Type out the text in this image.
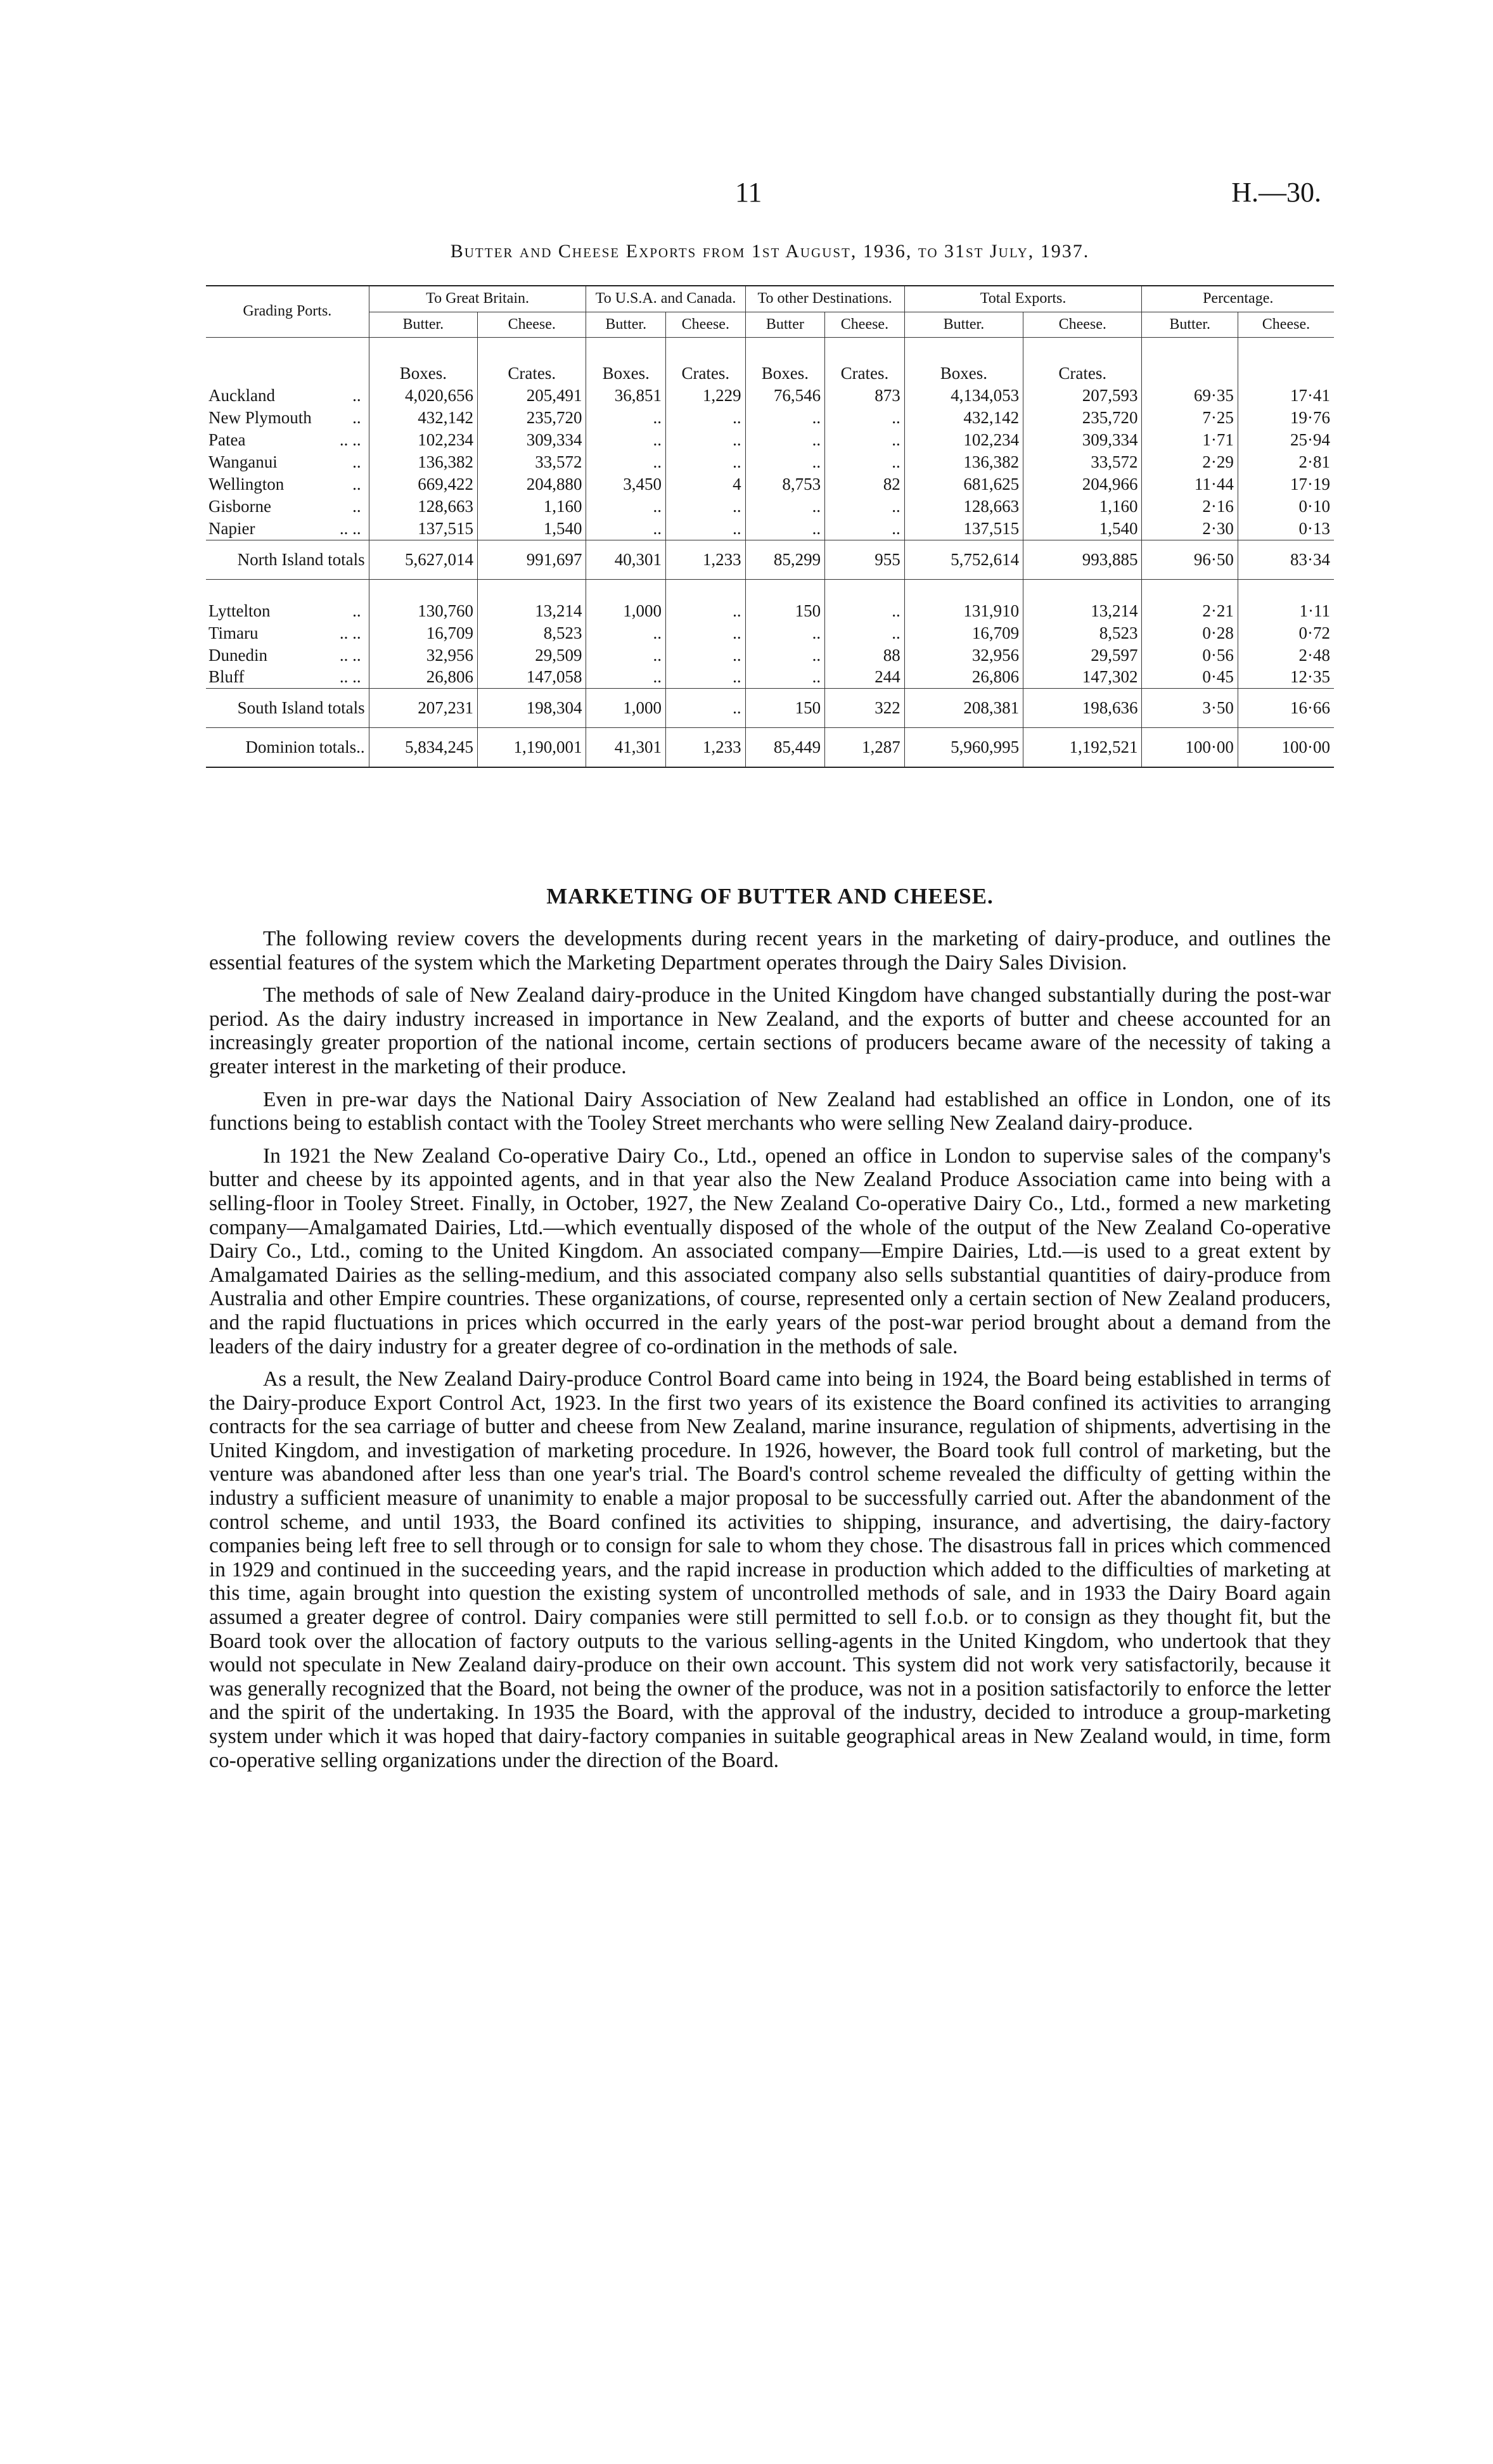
11	H.—30.
Butter and Cheese Exports from 1st August, 1936, to 31st July, 1937.
Grading Ports.	To Great Britain.		To U.S.A. and Canada.		To other Destinations.		Total Exports.		Percentage.	
	Butter.	Cheese.	Butter.	Cheese.	Butter	Cheese.	Butter.	Cheese.	Butter.	Cheese.
	Boxes.	Crates.	Boxes.	Crates.	Boxes.	Crates.	Boxes.	Crates.		
Auckland ..	4,020,656	205,491	36,851	1,229	76,546	873	4,134,053	207,593	69·35	17·41
New Plymouth ..	432,142	235,720	..	..	..	..	432,142	235,720	7·25	19·76
Patea .. ..	102,234	309,334	..	..	..	..	102,234	309,334	1·71	25·94
Wanganui ..	136,382	33,572	..	..	..	..	136,382	33,572	2·29	2·81
Wellington ..	669,422	204,880	3,450	4	8,753	82	681,625	204,966	11·44	17·19
Gisborne ..	128,663	1,160	..	..	..	..	128,663	1,160	2·16	0·10
Napier .. ..	137,515	1,540	..	..	..	..	137,515	1,540	2·30	0·13
North Island totals	5,627,014	991,697	40,301	1,233	85,299	955	5,752,614	993,885	96·50	83·34

Lyttelton ..	130,760	13,214	1,000	..	150	..	131,910	13,214	2·21	1·11
Timaru .. ..	16,709	8,523	..	..	..	..	16,709	8,523	0·28	0·72
Dunedin .. ..	32,956	29,509	..	..	..	88	32,956	29,597	0·56	2·48
Bluff .. ..	26,806	147,058	..	..	..	244	26,806	147,302	0·45	12·35
South Island totals	207,231	198,304	1,000	..	150	322	208,381	198,636	3·50	16·66
Dominion totals..	5,834,245	1,190,001	41,301	1,233	85,449	1,287	5,960,995	1,192,521	100·00	100·00
MARKETING OF BUTTER AND CHEESE.

The following review covers the developments during recent years in the marketing of dairy-produce, and outlines the essential features of the system which the Marketing Department operates through the Dairy Sales Division.

The methods of sale of New Zealand dairy-produce in the United Kingdom have changed substantially during the post-war period. As the dairy industry increased in importance in New Zealand, and the exports of butter and cheese accounted for an increasingly greater proportion of the national income, certain sections of producers became aware of the necessity of taking a greater interest in the marketing of their produce.

Even in pre-war days the National Dairy Association of New Zealand had established an office in London, one of its functions being to establish contact with the Tooley Street merchants who were selling New Zealand dairy-produce.

In 1921 the New Zealand Co-operative Dairy Co., Ltd., opened an office in London to supervise sales of the company's butter and cheese by its appointed agents, and in that year also the New Zealand Produce Association came into being with a selling-floor in Tooley Street. Finally, in October, 1927, the New Zealand Co-operative Dairy Co., Ltd., formed a new marketing company—Amalgamated Dairies, Ltd.—which eventually disposed of the whole of the output of the New Zealand Co-operative Dairy Co., Ltd., coming to the United Kingdom. An associated company—Empire Dairies, Ltd.—is used to a great extent by Amalgamated Dairies as the selling-medium, and this associated company also sells substantial quantities of dairy-produce from Australia and other Empire countries. These organizations, of course, represented only a certain section of New Zealand producers, and the rapid fluctuations in prices which occurred in the early years of the post-war period brought about a demand from the leaders of the dairy industry for a greater degree of co-ordination in the methods of sale.

As a result, the New Zealand Dairy-produce Control Board came into being in 1924, the Board being established in terms of the Dairy-produce Export Control Act, 1923. In the first two years of its existence the Board confined its activities to arranging contracts for the sea carriage of butter and cheese from New Zealand, marine insurance, regulation of shipments, advertising in the United Kingdom, and investigation of marketing procedure. In 1926, however, the Board took full control of marketing, but the venture was abandoned after less than one year's trial. The Board's control scheme revealed the difficulty of getting within the industry a sufficient measure of unanimity to enable a major proposal to be successfully carried out. After the abandonment of the control scheme, and until 1933, the Board confined its activities to shipping, insurance, and advertising, the dairy-factory companies being left free to sell through or to consign for sale to whom they chose. The disastrous fall in prices which commenced in 1929 and continued in the succeeding years, and the rapid increase in production which added to the difficulties of marketing at this time, again brought into question the existing system of uncontrolled methods of sale, and in 1933 the Dairy Board again assumed a greater degree of control. Dairy companies were still permitted to sell f.o.b. or to consign as they thought fit, but the Board took over the allocation of factory outputs to the various selling-agents in the United Kingdom, who undertook that they would not speculate in New Zealand dairy-produce on their own account. This system did not work very satisfactorily, because it was generally recognized that the Board, not being the owner of the produce, was not in a position satisfactorily to enforce the letter and the spirit of the undertaking. In 1935 the Board, with the approval of the industry, decided to introduce a group-marketing system under which it was hoped that dairy-factory companies in suitable geographical areas in New Zealand would, in time, form co-operative selling organizations under the direction of the Board.
